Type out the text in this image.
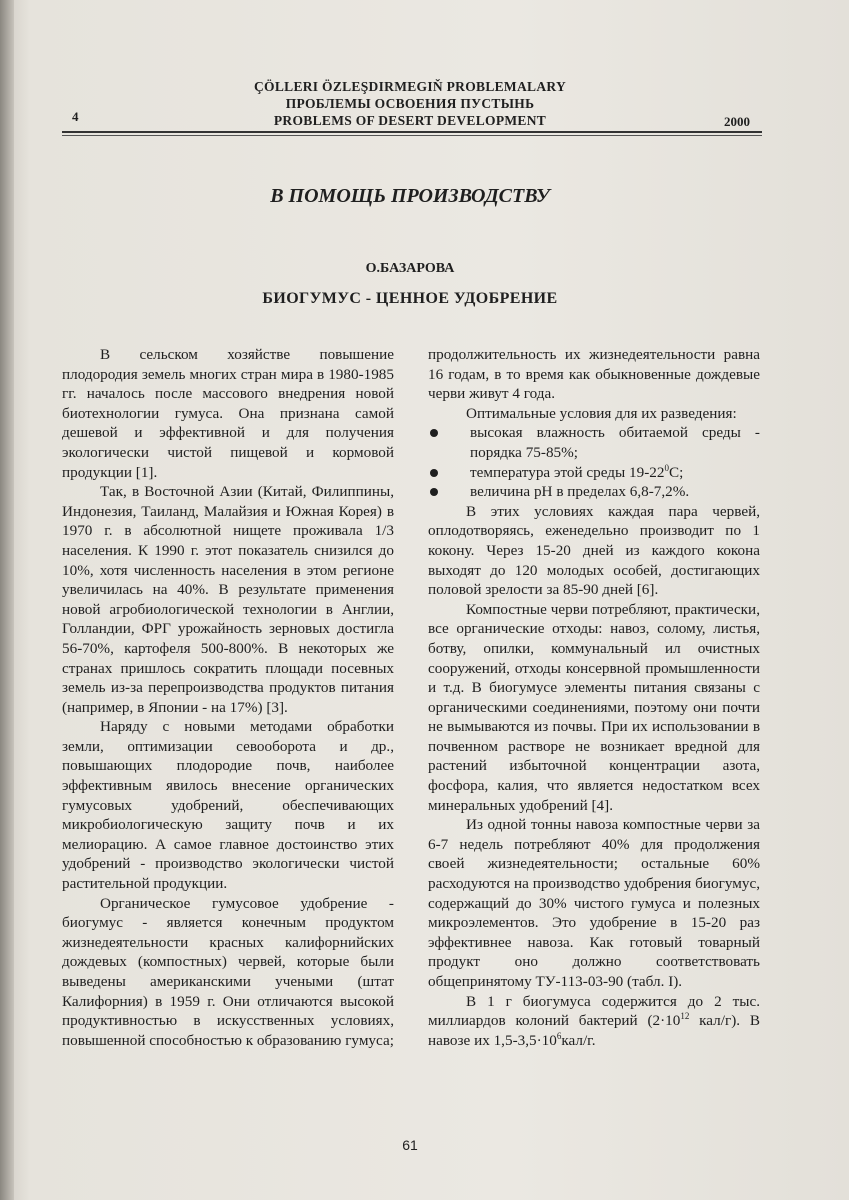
ÇÖLLERI ÖZLEŞDIRMEGIŇ PROBLEMALARY
ПРОБЛЕМЫ ОСВОЕНИЯ ПУСТЫНЬ
PROBLEMS OF DESERT DEVELOPMENT
4	2000
В ПОМОЩЬ ПРОИЗВОДСТВУ
О.БАЗАРОВА
БИОГУМУС - ЦЕННОЕ УДОБРЕНИЕ

В сельском хозяйстве повышение плодородия земель многих стран мира в 1980-1985 гг. началось после массового внедрения новой биотехнологии гумуса. Она признана самой дешевой и эффективной и для получения экологически чистой пищевой и кормовой продукции [1].

Так, в Восточной Азии (Китай, Филиппины, Индонезия, Таиланд, Малайзия и Южная Корея) в 1970 г. в абсолютной нищете проживала 1/3 населения. К 1990 г. этот показатель снизился до 10%, хотя численность населения в этом регионе увеличилась на 40%. В результате применения новой агробиологической технологии в Англии, Голландии, ФРГ урожайность зерновых достигла 56-70%, картофеля 500-800%. В некоторых же странах пришлось сократить площади посевных земель из-за перепроизводства продуктов питания (например, в Японии - на 17%) [3].

Наряду с новыми методами обработки земли, оптимизации севооборота и др., повышающих плодородие почв, наиболее эффективным явилось внесение органических гумусовых удобрений, обеспечивающих микробиологическую защиту почв и их мелиорацию. А самое главное достоинство этих удобрений - производство экологически чистой растительной продукции.

Органическое гумусовое удобрение - биогумус - является конечным продуктом жизнедеятельности красных калифорнийских дождевых (компостных) червей, которые были выведены американскими учеными (штат Калифорния) в 1959 г. Они отличаются высокой продуктивностью в искусственных условиях, повышенной способностью к образованию гумуса;

продолжительность их жизнедеятельности равна 16 годам, в то время как обыкновенные дождевые черви живут 4 года.

Оптимальные условия для их разведения:

высокая влажность обитаемой среды - порядка 75-85%;
температура этой среды $19-22^0С$;
величина рН в пределах 6,8-7,2%.

В этих условиях каждая пара червей, оплодотворяясь, еженедельно производит по 1 кокону. Через 15-20 дней из каждого кокона выходят до 120 молодых особей, достигающих половой зрелости за 85-90 дней [6].

Компостные черви потребляют, практически, все органические отходы: навоз, солому, листья, ботву, опилки, коммунальный ил очистных сооружений, отходы консервной промышленности и т.д. В биогумусе элементы питания связаны с органическими соединениями, поэтому они почти не вымываются из почвы. При их использовании в почвенном растворе не возникает вредной для растений избыточной концентрации азота, фосфора, калия, что является недостатком всех минеральных удобрений [4].

Из одной тонны навоза компостные черви за 6-7 недель потребляют 40% для продолжения своей жизнедеятельности; остальные 60% расходуются на производство удобрения биогумус, содержащий до 30% чистого гумуса и полезных микроэлементов. Это удобрение в 15-20 раз эффективнее навоза. Как готовый товарный продукт оно должно соответствовать общепринятому ТУ-113-03-90 (табл. I).

В 1 г биогумуса содержится до 2 тыс. миллиардов колоний бактерий ($2\cdot 10^{12}$ кал/г). В навозе их $1,5-3,5\cdot 10^6кал/г$.

61
